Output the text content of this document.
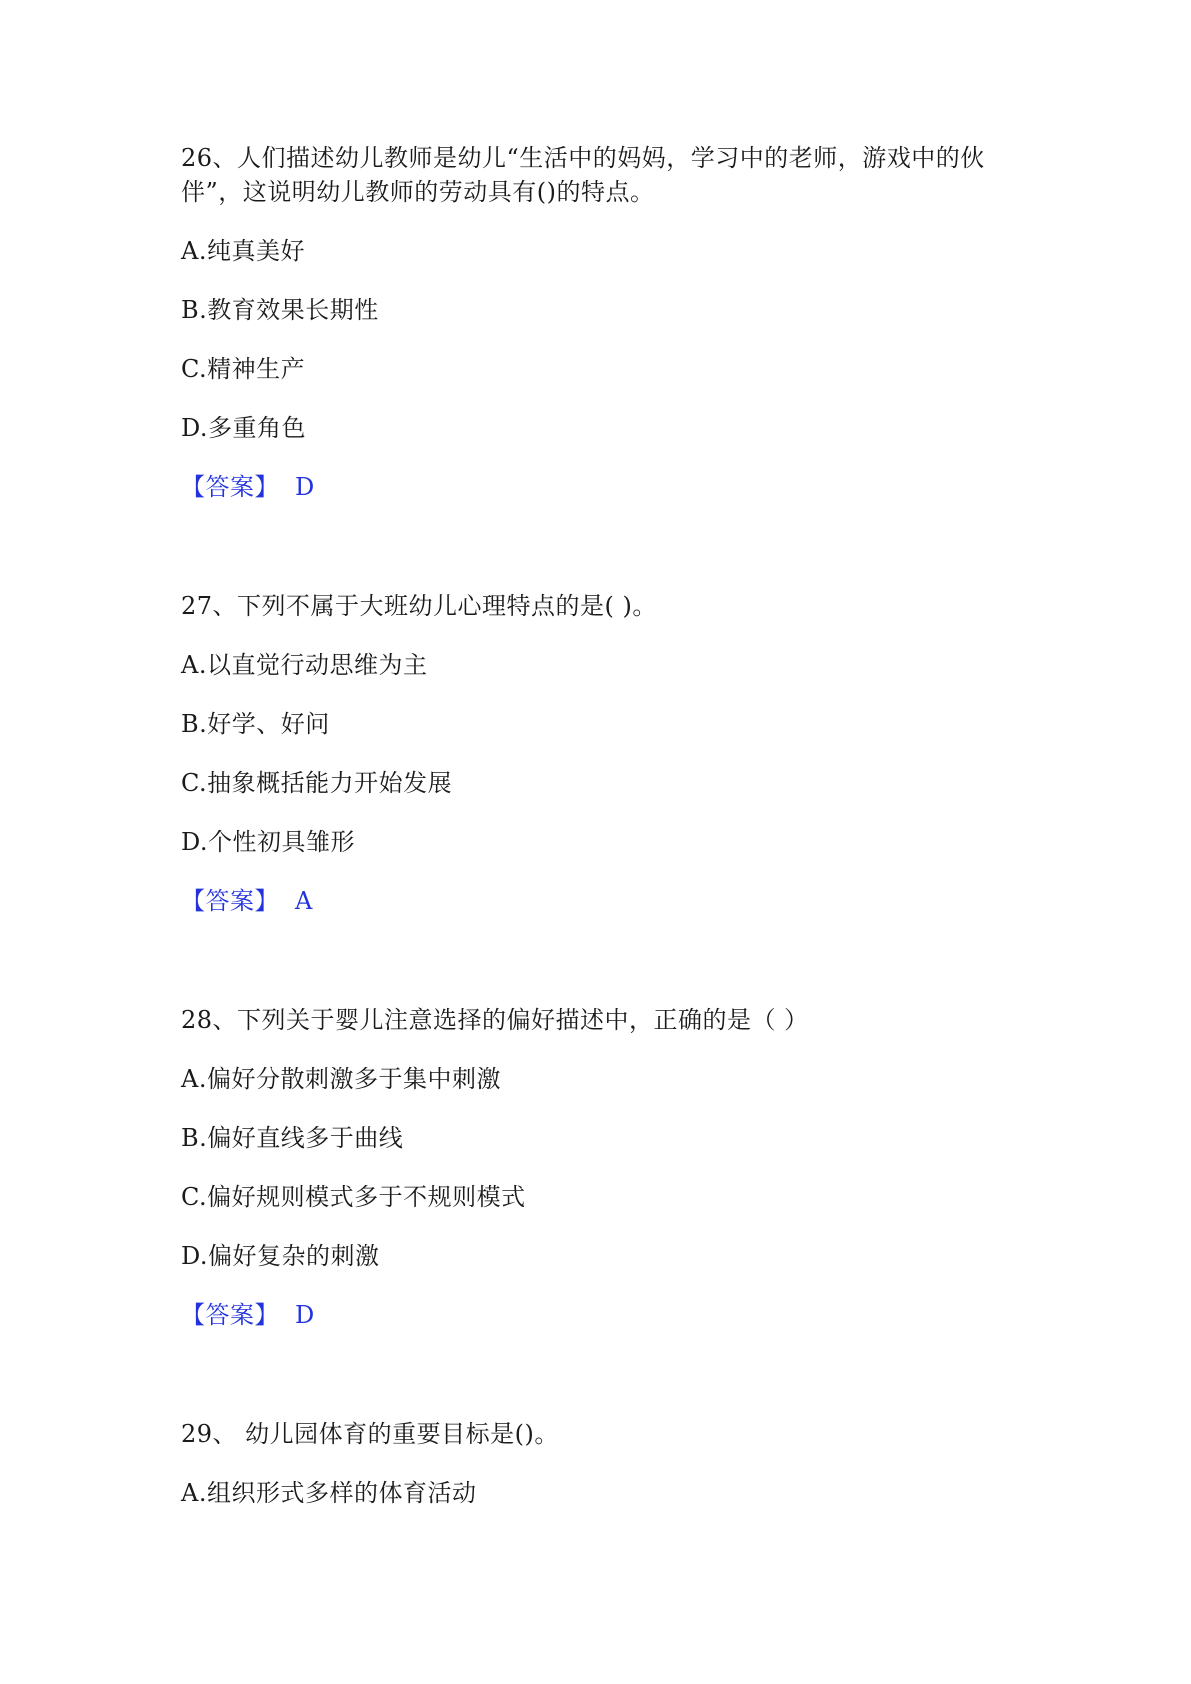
26、人们描述幼儿教师是幼儿“生活中的妈妈，学习中的老师，游戏中的伙
伴”，这说明幼儿教师的劳动具有()的特点。
A.纯真美好
B.教育效果长期性
C.精神生产
D.多重角色
【答案】 D
27、下列不属于大班幼儿心理特点的是( )。
A.以直觉行动思维为主
B.好学、好问
C.抽象概括能力开始发展
D.个性初具雏形
【答案】 A
28、下列关于婴儿注意选择的偏好描述中，正确的是（ ）
A.偏好分散刺激多于集中刺激
B.偏好直线多于曲线
C.偏好规则模式多于不规则模式
D.偏好复杂的刺激
【答案】 D
29、 幼儿园体育的重要目标是()。
A.组织形式多样的体育活动
